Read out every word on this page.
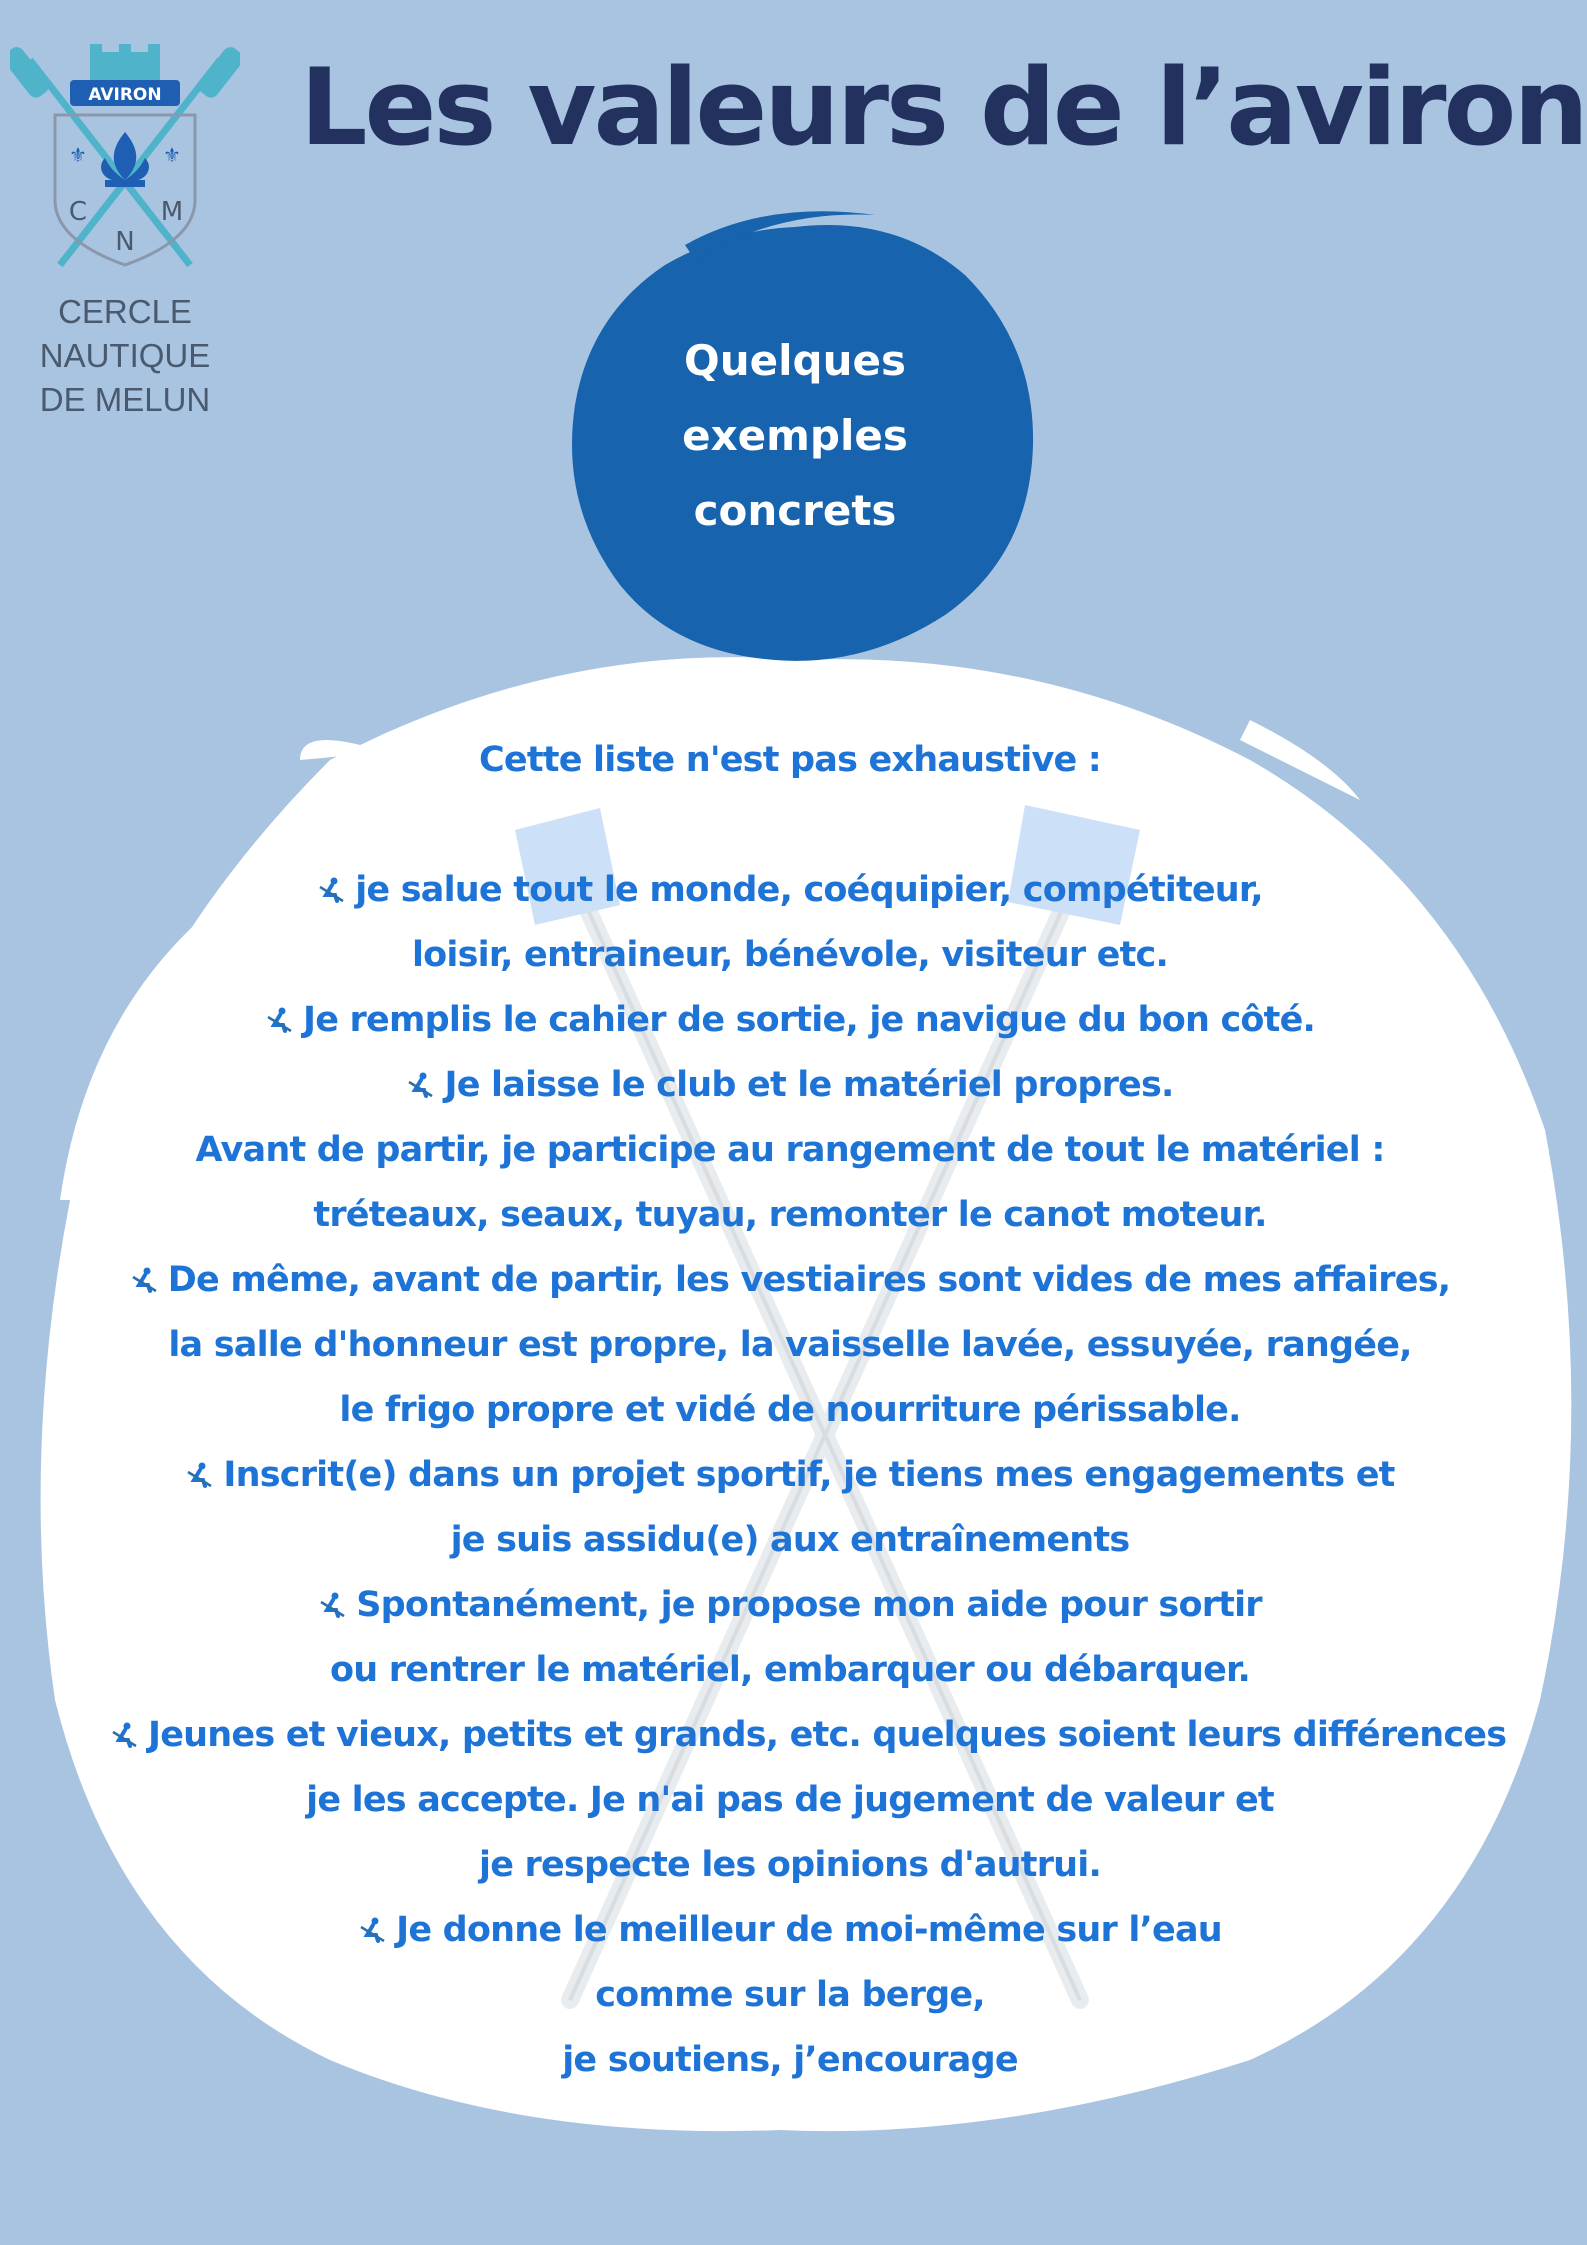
AVIRON
⚜	⚜
C	M
N
CERCLE NAUTIQUE
DE MELUN
Les valeurs de l’aviron
Quelques
exemples
concrets
Cette liste n'est pas exhaustive :
je salue tout le monde, coéquipier, compétiteur,
loisir, entraineur, bénévole, visiteur etc.
Je remplis le cahier de sortie, je navigue du bon côté.
Je laisse le club et le matériel propres.
Avant de partir, je participe au rangement de tout le matériel :
tréteaux, seaux, tuyau, remonter le canot moteur.
De même, avant de partir, les vestiaires sont vides de mes affaires,
la salle d'honneur est propre, la vaisselle lavée, essuyée, rangée,
le frigo propre et vidé de nourriture périssable.
Inscrit(e) dans un projet sportif, je tiens mes engagements et
je suis assidu(e) aux entraînements
Spontanément, je propose mon aide pour sortir
ou rentrer le matériel, embarquer ou débarquer.
Jeunes et vieux, petits et grands, etc. quelques soient leurs différences
je les accepte. Je n'ai pas de jugement de valeur et
je respecte les opinions d'autrui.
Je donne le meilleur de moi-même sur l’eau
comme sur la berge,
je soutiens, j’encourage
